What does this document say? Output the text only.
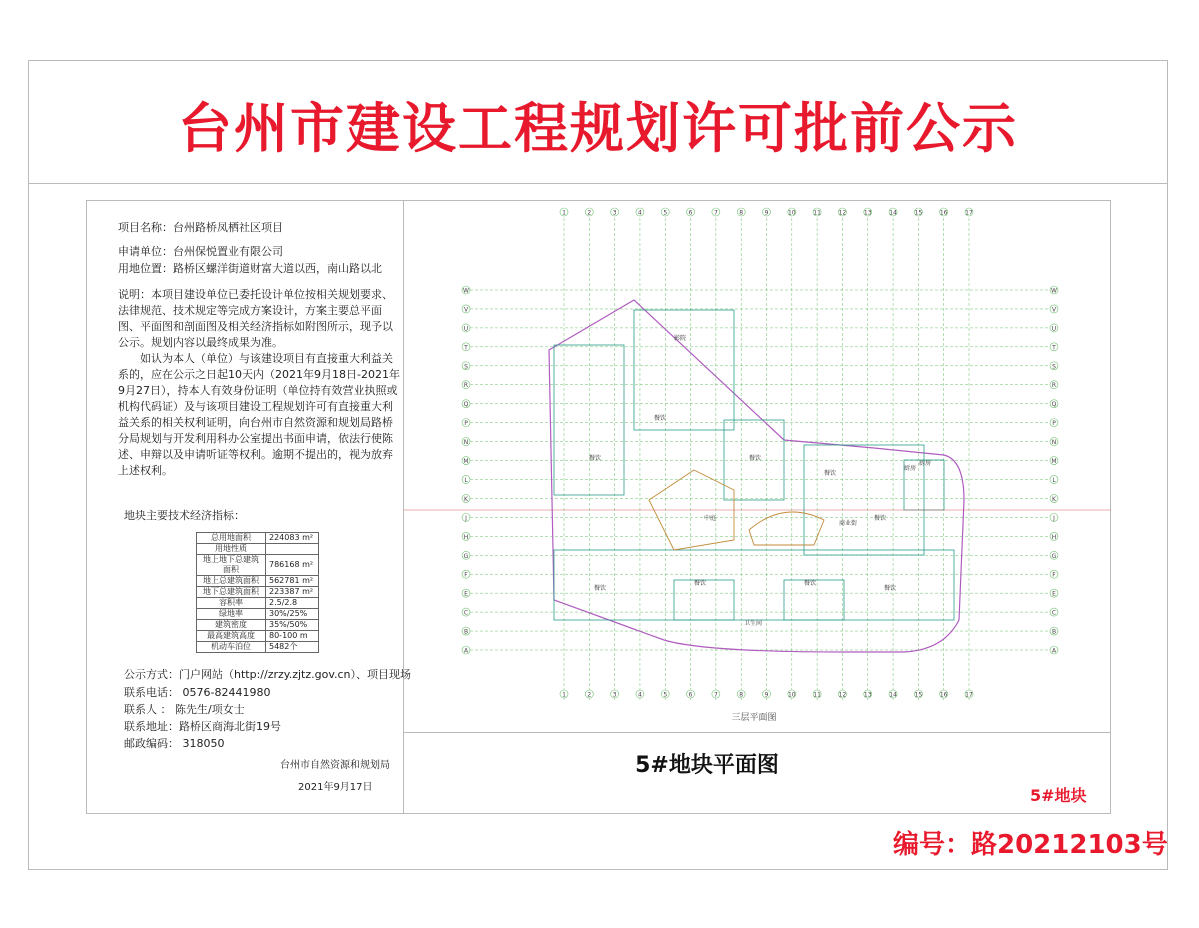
台州市建设工程规划许可批前公示
项目名称：台州路桥凤栖社区项目
申请单位：台州保悦置业有限公司
用地位置：路桥区螺洋街道财富大道以西，南山路以北

说明：本项目建设单位已委托设计单位按相关规划要求、法律规范、技术规定等完成方案设计，方案主要总平面图、平面图和剖面图及相关经济指标如附图所示，现予以公示。规划内容以最终成果为准。

如认为本人（单位）与该建设项目有直接重大利益关系的，应在公示之日起10天内（2021年9月18日-2021年9月27日），持本人有效身份证明（单位持有效营业执照或机构代码证）及与该项目建设工程规划许可有直接重大利益关系的相关权利证明，向台州市自然资源和规划局路桥分局规划与开发利用科办公室提出书面申请，依法行使陈述、申辩以及申请听证等权利。逾期不提出的，视为放弃上述权利。

地块主要技术经济指标：
总用地面积	224083 m²
用地性质	
地上地下总建筑面积	786168 m²
地上总建筑面积	562781 m²
地下总建筑面积	223387 m²
容积率	2.5/2.8
绿地率	30%/25%
建筑密度	35%/50%
最高建筑高度	80-100 m
机动车泊位	5482个
公示方式：门户网站（http://zrzy.zjtz.gov.cn）、项目现场
联系电话： 0576-82441980
联系人 ： 陈先生/项女士
联系地址：路桥区商海北街19号
邮政编码： 318050
台州市自然资源和规划局
2021年9月17日
1
1
2
2
3
3
4
4
5
5
6
6
7
7
8
8
9
9
10
10
11
11
12
12
13
13
14
14
15
15
16
16
17
17
W	W
V	V
U	U
T	T
S	S
R	R
Q	Q
P	P
N	N
M	M
L	L
K	K
J	J
H	H
G	G
F	F
E	E
C	C
B	B
A	A
餐饮
餐饮
餐饮
影院
餐饮
厨房
餐饮
商业街
中庭
餐饮
餐饮
卫生间
餐饮
餐饮
厨房
三层平面图
5#地块平面图
5#地块
编号：路20212103号
